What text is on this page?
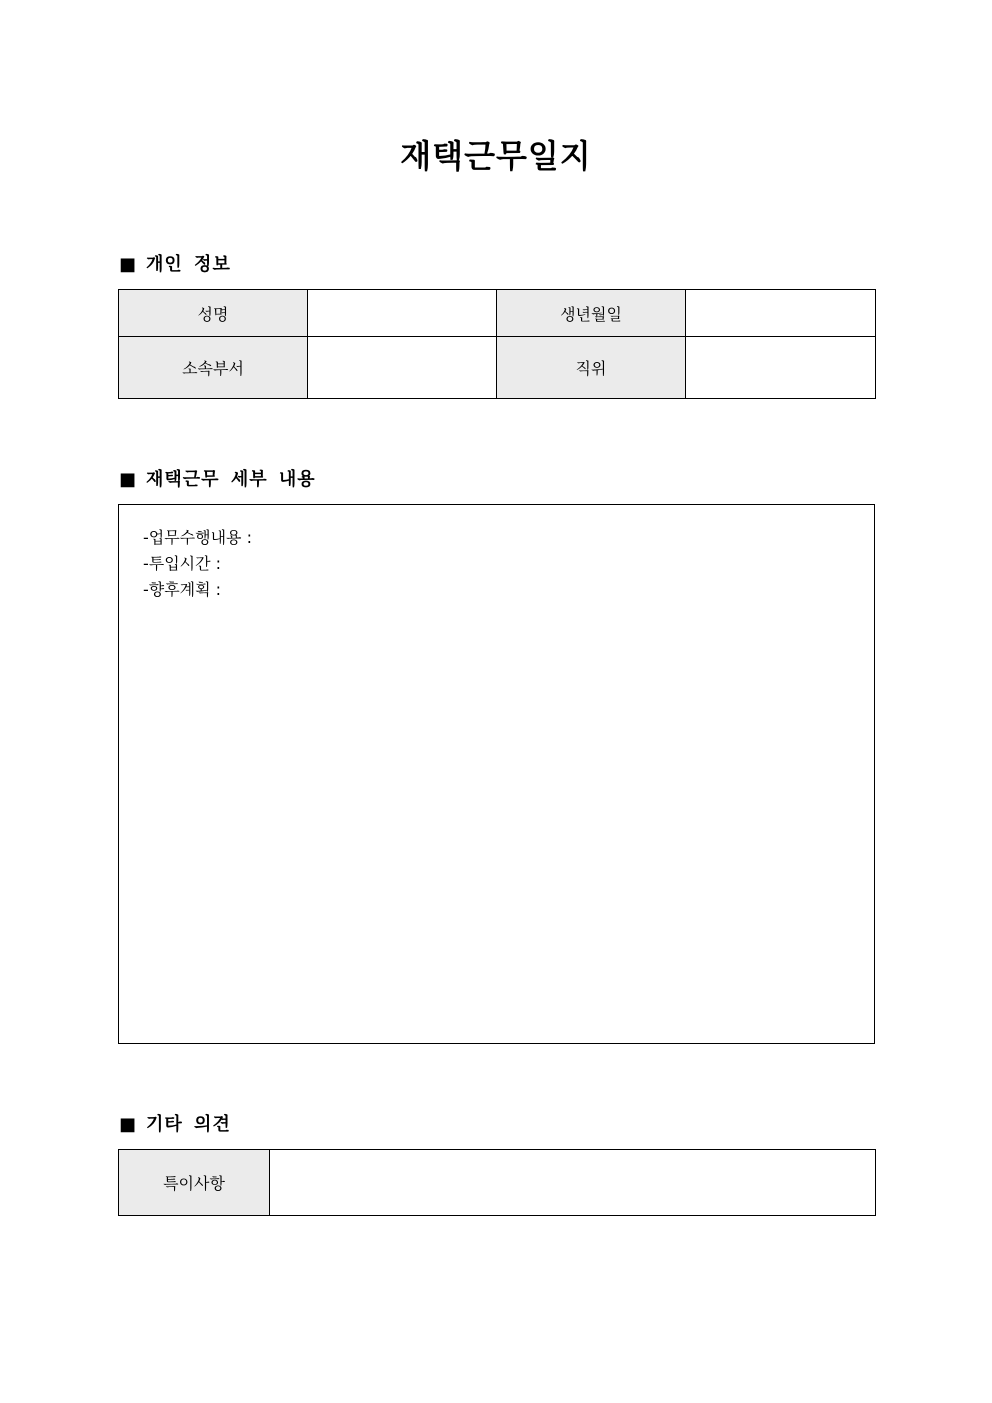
재택근무일지
■ 개인 정보
성명		생년월일	
소속부서		직위	
■ 재택근무 세부 내용
-업무수행내용 :
-투입시간 :
-향후계획 :
■ 기타 의견
특이사항	
